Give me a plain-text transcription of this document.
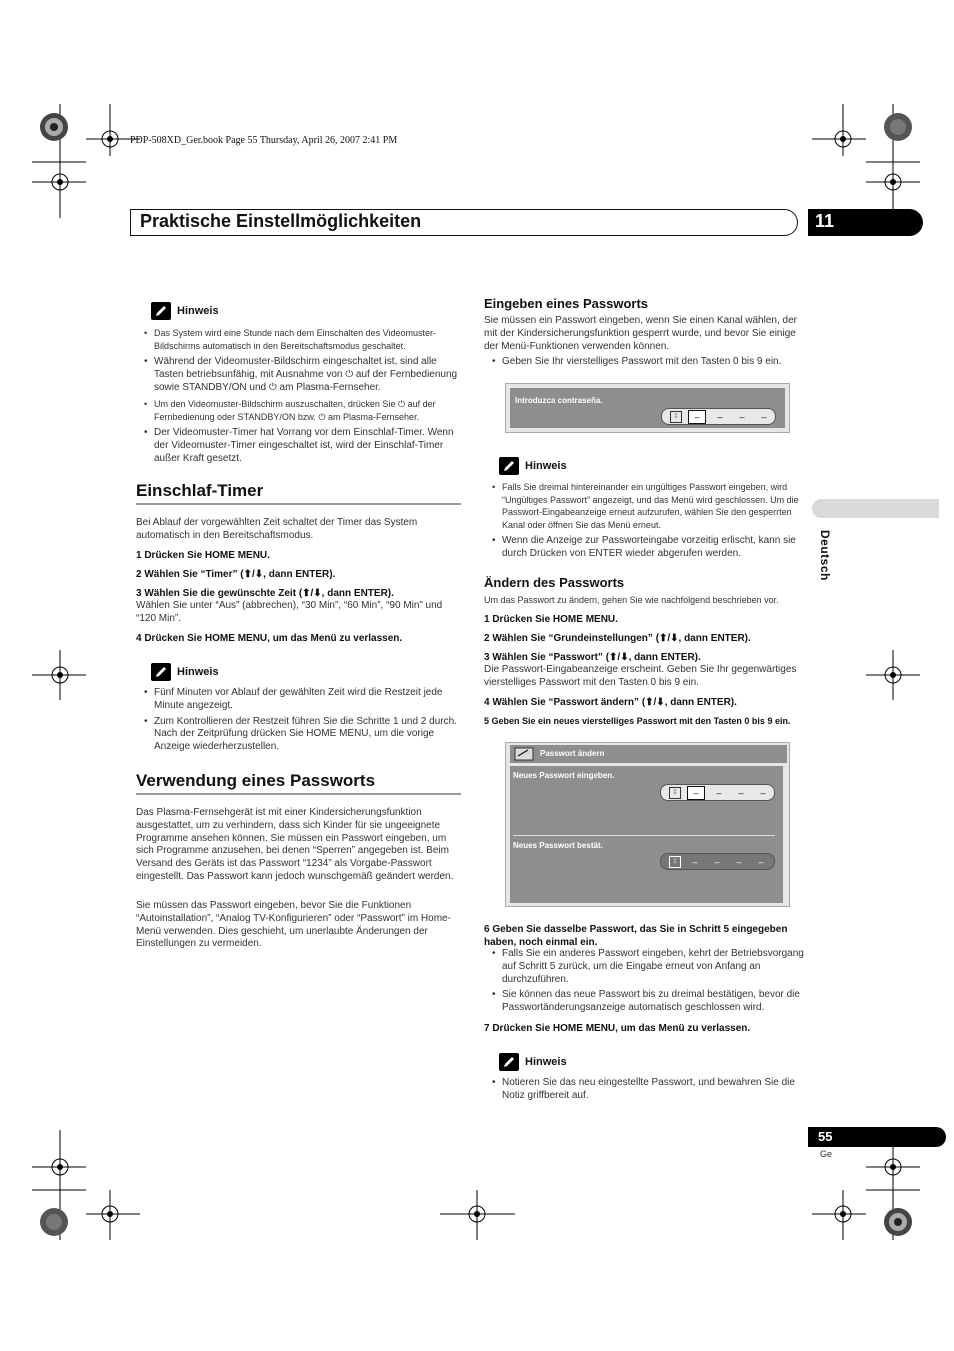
PDP-508XD_Ger.book Page 55 Thursday, April 26, 2007 2:41 PM
Praktische Einstellmöglichkeiten	11
Deutsch
Hinweis
• Das System wird eine Stunde nach dem Einschalten des Videomuster-Bildschirms automatisch in den Bereitschaftsmodus geschaltet.
• Während der Videomuster-Bildschirm eingeschaltet ist, sind alle Tasten betriebsunfähig, mit Ausnahme von ⏻ auf der Fernbedienung sowie STANDBY/ON und ⏻ am Plasma-Fernseher.
• Um den Videomuster-Bildschirm auszuschalten, drücken Sie ⏻ auf der Fernbedienung oder STANDBY/ON bzw. ⏻ am Plasma-Fernseher.
• Der Videomuster-Timer hat Vorrang vor dem Einschlaf-Timer. Wenn der Videomuster-Timer eingeschaltet ist, wird der Einschlaf-Timer außer Kraft gesetzt.
Einschlaf-Timer
Bei Ablauf der vorgewählten Zeit schaltet der Timer das System automatisch in den Bereitschaftsmodus.
1 Drücken Sie HOME MENU.
2 Wählen Sie “Timer” (⬆/⬇, dann ENTER).
3 Wählen Sie die gewünschte Zeit (⬆/⬇, dann ENTER).
Wählen Sie unter “Aus” (abbrechen), “30 Min”, “60 Min”, “90 Min” und “120 Min”.
4 Drücken Sie HOME MENU, um das Menü zu verlassen.
Hinweis
• Fünf Minuten vor Ablauf der gewählten Zeit wird die Restzeit jede Minute angezeigt.
• Zum Kontrollieren der Restzeit führen Sie die Schritte 1 und 2 durch. Nach der Zeitprüfung drücken Sie HOME MENU, um die vorige Anzeige wiederherzustellen.
Verwendung eines Passworts
Das Plasma-Fernsehgerät ist mit einer Kindersicherungsfunktion ausgestattet, um zu verhindern, dass sich Kinder für sie ungeeignete Programme ansehen können. Sie müssen ein Passwort eingeben, um sich Programme anzusehen, bei denen “Sperren” angegeben ist. Beim Versand des Geräts ist das Passwort “1234” als Vorgabe-Passwort eingestellt. Das Passwort kann jedoch wunschgemäß geändert werden.
Sie müssen das Passwort eingeben, bevor Sie die Funktionen “Autoinstallation”, “Analog TV-Konfigurieren” oder “Passwort” im Home-Menü verwenden. Dies geschieht, um unerlaubte Änderungen der Einstellungen zu vermeiden.
Eingeben eines Passworts
Sie müssen ein Passwort eingeben, wenn Sie einen Kanal wählen, der mit der Kindersicherungsfunktion gesperrt wurde, und bevor Sie einige der Menü-Funktionen verwenden können.
• Geben Sie Ihr vierstelliges Passwort mit den Tasten 0 bis 9 ein.
Introduzca contraseña.
⁞⁞	–	–	–	–
Hinweis
• Falls Sie dreimal hintereinander ein ungültiges Passwort eingeben, wird “Ungültiges Passwort” angezeigt, und das Menü wird geschlossen. Um die Passwort-Eingabeanzeige erneut aufzurufen, wählen Sie den gesperrten Kanal oder öffnen Sie das Menü erneut.
• Wenn die Anzeige zur Passworteingabe vorzeitig erlischt, kann sie durch Drücken von ENTER wieder abgerufen werden.
Ändern des Passworts
Um das Passwort zu ändern, gehen Sie wie nachfolgend beschrieben vor.
1 Drücken Sie HOME MENU.
2 Wählen Sie “Grundeinstellungen” (⬆/⬇, dann ENTER).
3 Wählen Sie “Passwort” (⬆/⬇, dann ENTER).
Die Passwort-Eingabeanzeige erscheint. Geben Sie Ihr gegenwärtiges vierstelliges Passwort mit den Tasten 0 bis 9 ein.
4 Wählen Sie “Passwort ändern” (⬆/⬇, dann ENTER).
5 Geben Sie ein neues vierstelliges Passwort mit den Tasten 0 bis 9 ein.
Passwort ändern
Neues Passwort eingeben.
⁞⁞	–	–	–	–
Neues Passwort bestät.
⁞⁞	–	–	–	–
6 Geben Sie dasselbe Passwort, das Sie in Schritt 5 eingegeben haben, noch einmal ein.
• Falls Sie ein anderes Passwort eingeben, kehrt der Betriebsvorgang auf Schritt 5 zurück, um die Eingabe erneut von Anfang an durchzuführen.
• Sie können das neue Passwort bis zu dreimal bestätigen, bevor die Passwortänderungsanzeige automatisch geschlossen wird.
7 Drücken Sie HOME MENU, um das Menü zu verlassen.
Hinweis
• Notieren Sie das neu eingestellte Passwort, und bewahren Sie die Notiz griffbereit auf.
55
Ge
